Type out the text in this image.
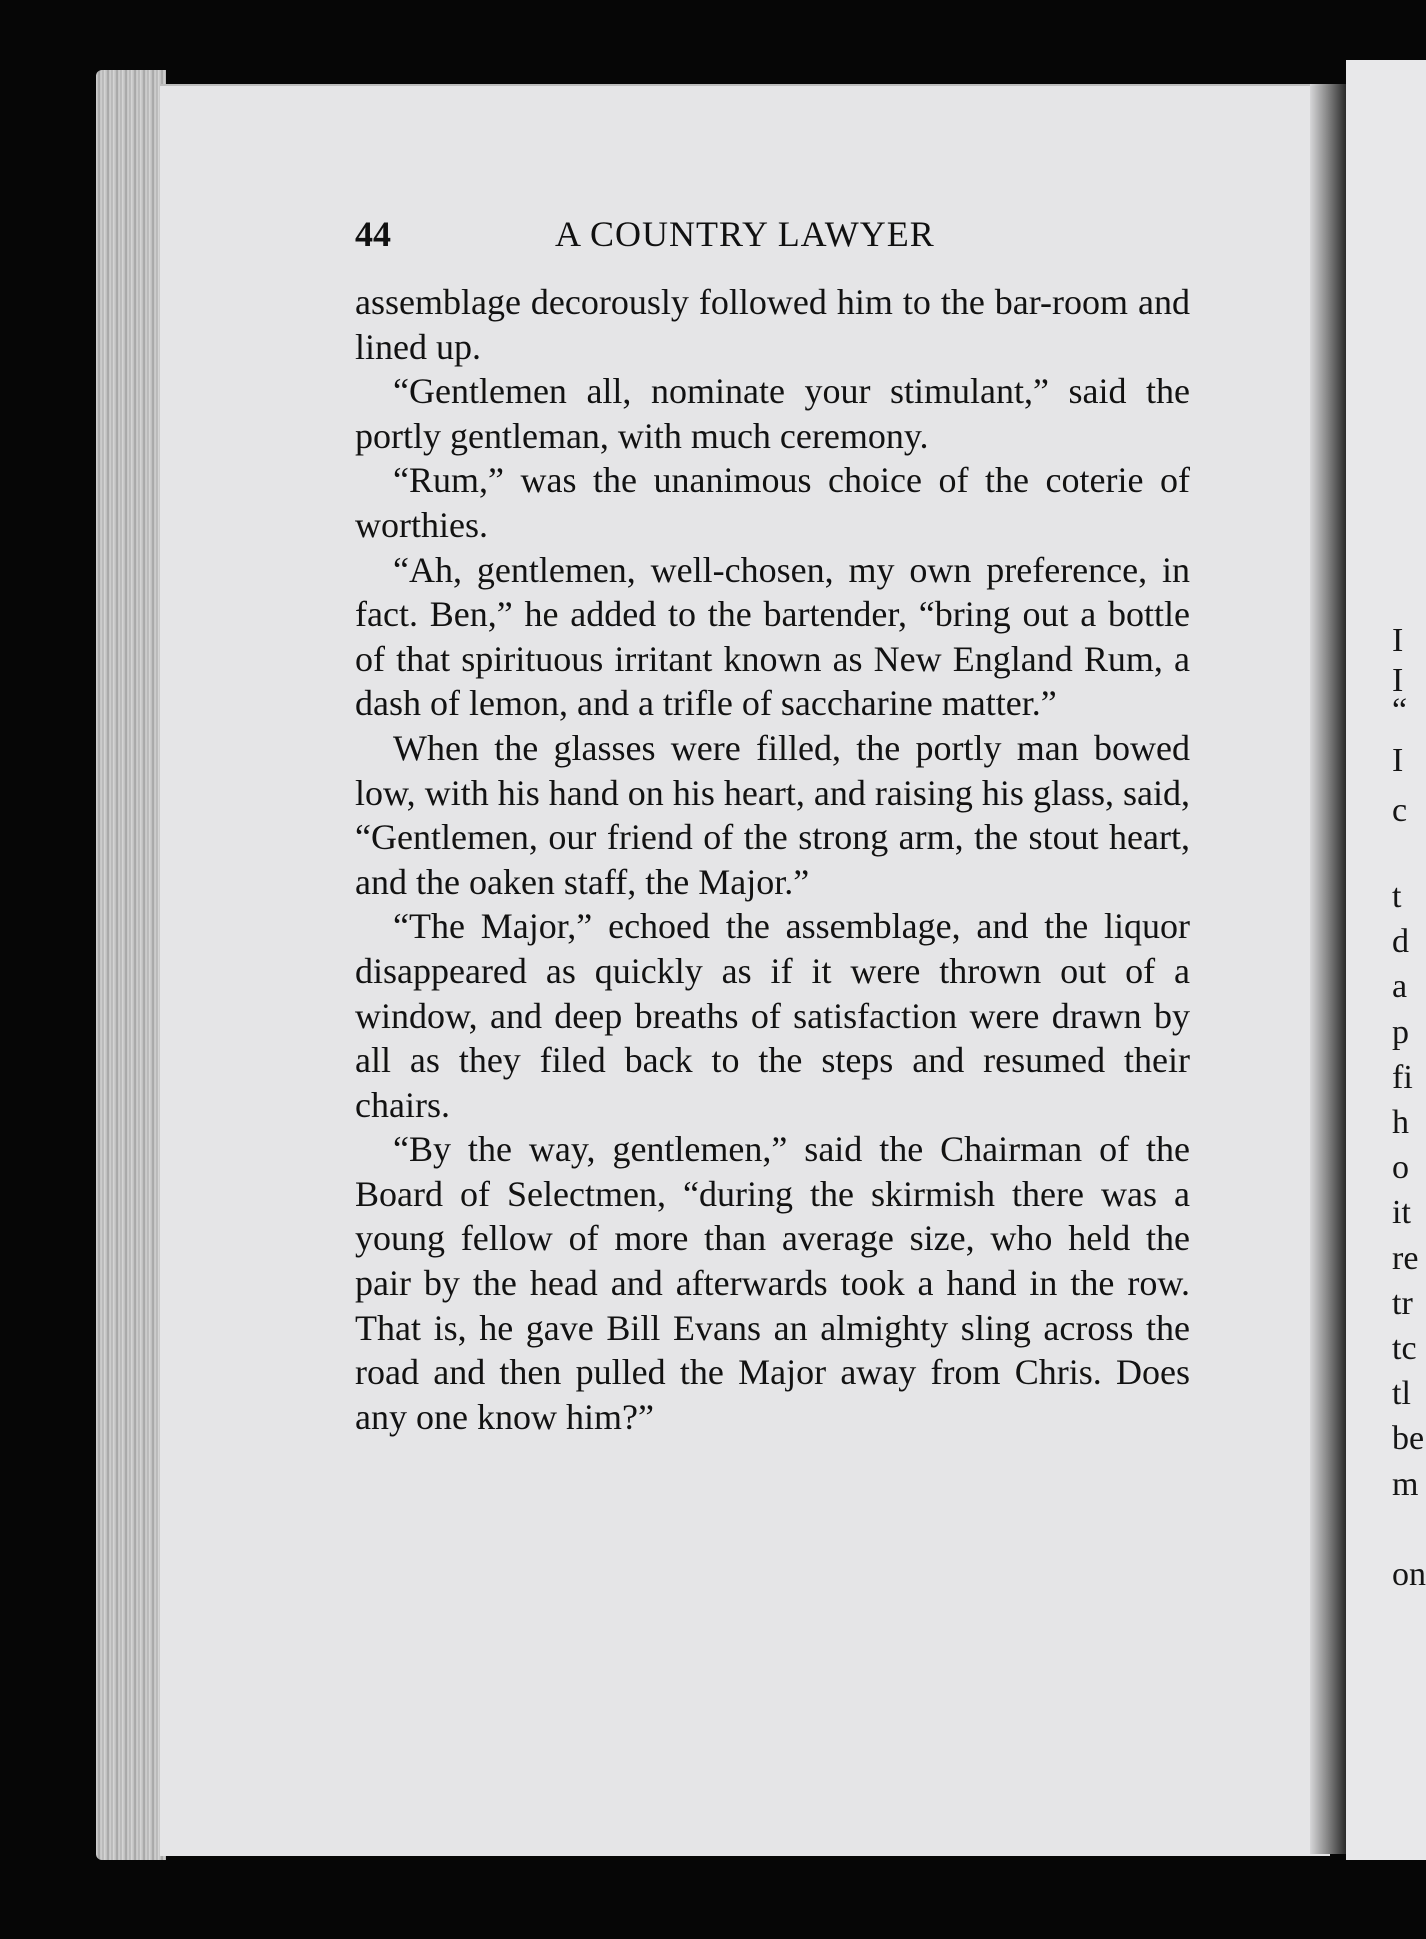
44	A COUNTRY LAWYER

assemblage decorously followed him to the bar-room and lined up.

“Gentlemen all, nominate your stimulant,” said the portly gentleman, with much ceremony.

“Rum,” was the unanimous choice of the coterie of worthies.

“Ah, gentlemen, well-chosen, my own preference, in fact. Ben,” he added to the bartender, “bring out a bottle of that spirituous irritant known as New England Rum, a dash of lemon, and a trifle of saccharine matter.”

When the glasses were filled, the portly man bowed low, with his hand on his heart, and raising his glass, said, “Gentlemen, our friend of the strong arm, the stout heart, and the oaken staff, the Major.”

“The Major,” echoed the assemblage, and the liquor disappeared as quickly as if it were thrown out of a window, and deep breaths of satisfaction were drawn by all as they filed back to the steps and resumed their chairs.

“By the way, gentlemen,” said the Chairman of the Board of Selectmen, “during the skirmish there was a young fellow of more than average size, who held the pair by the head and afterwards took a hand in the row. That is, he gave Bill Evans an almighty sling across the road and then pulled the Major away from Chris. Does any one know him?”

I
I
“
I
c
t
d
a
p
fi
h
o
it
re
tr
tc
tl
be
m
on
